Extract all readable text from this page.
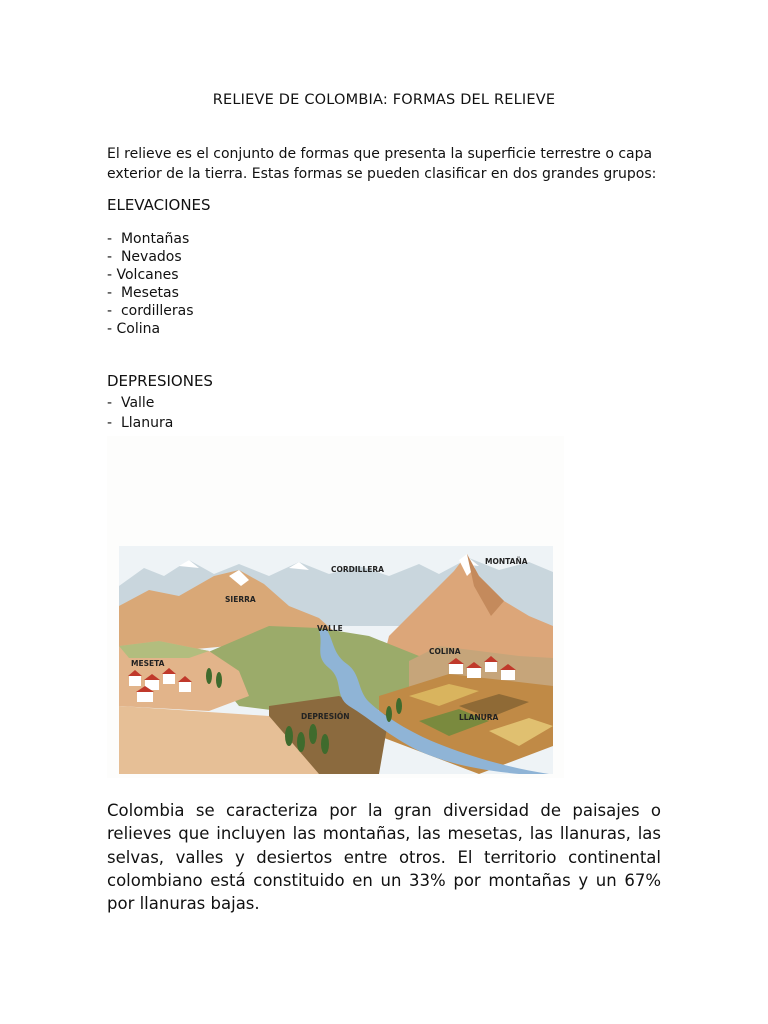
RELIEVE DE COLOMBIA: FORMAS DEL RELIEVE

El relieve es el conjunto de formas que presenta la superficie terrestre o capa exterior de la tierra. Estas formas se pueden clasificar en dos grandes grupos:

ELEVACIONES
-  Montañas
-  Nevados
- Volcanes
-  Mesetas
-  cordilleras
- Colina
DEPRESIONES
-  Valle
-  Llanura
CORDILLERA
MONTAÑA
SIERRA
VALLE
MESETA
COLINA
DEPRESIÓN	LLANURA

Colombia se caracteriza por la gran diversidad de paisajes o relieves que incluyen las montañas, las mesetas, las llanuras, las selvas, valles y desiertos entre otros. El territorio continental colombiano está constituido en un 33% por montañas y un 67% por llanuras bajas.
